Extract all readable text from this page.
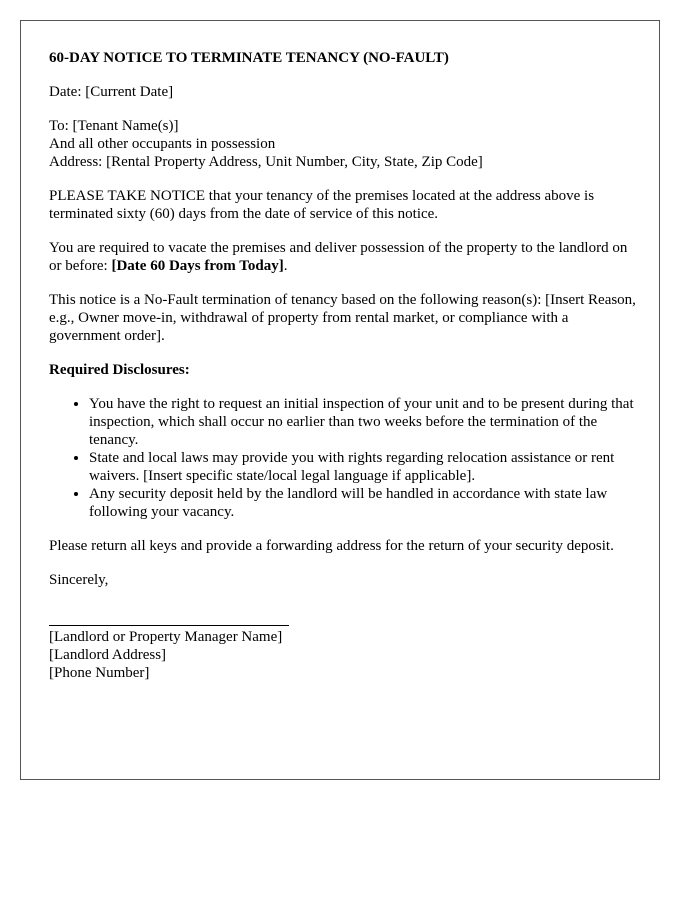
60-DAY NOTICE TO TERMINATE TENANCY (NO-FAULT)

Date: [Current Date]

To: [Tenant Name(s)]

And all other occupants in possession

Address: [Rental Property Address, Unit Number, City, State, Zip Code]

PLEASE TAKE NOTICE that your tenancy of the premises located at the address above is terminated sixty (60) days from the date of service of this notice.

You are required to vacate the premises and deliver possession of the property to the landlord on or before: [Date 60 Days from Today].

This notice is a No-Fault termination of tenancy based on the following reason(s): [Insert Reason, e.g., Owner move-in, withdrawal of property from rental market, or compliance with a government order].

Required Disclosures:
• You have the right to request an initial inspection of your unit and to be present during that inspection, which shall occur no earlier than two weeks before the termination of the tenancy.
• State and local laws may provide you with rights regarding relocation assistance or rent waivers. [Insert specific state/local legal language if applicable].
• Any security deposit held by the landlord will be handled in accordance with state law following your vacancy.

Please return all keys and provide a forwarding address for the return of your security deposit.

Sincerely,

[Landlord or Property Manager Name]
[Landlord Address]
[Phone Number]
